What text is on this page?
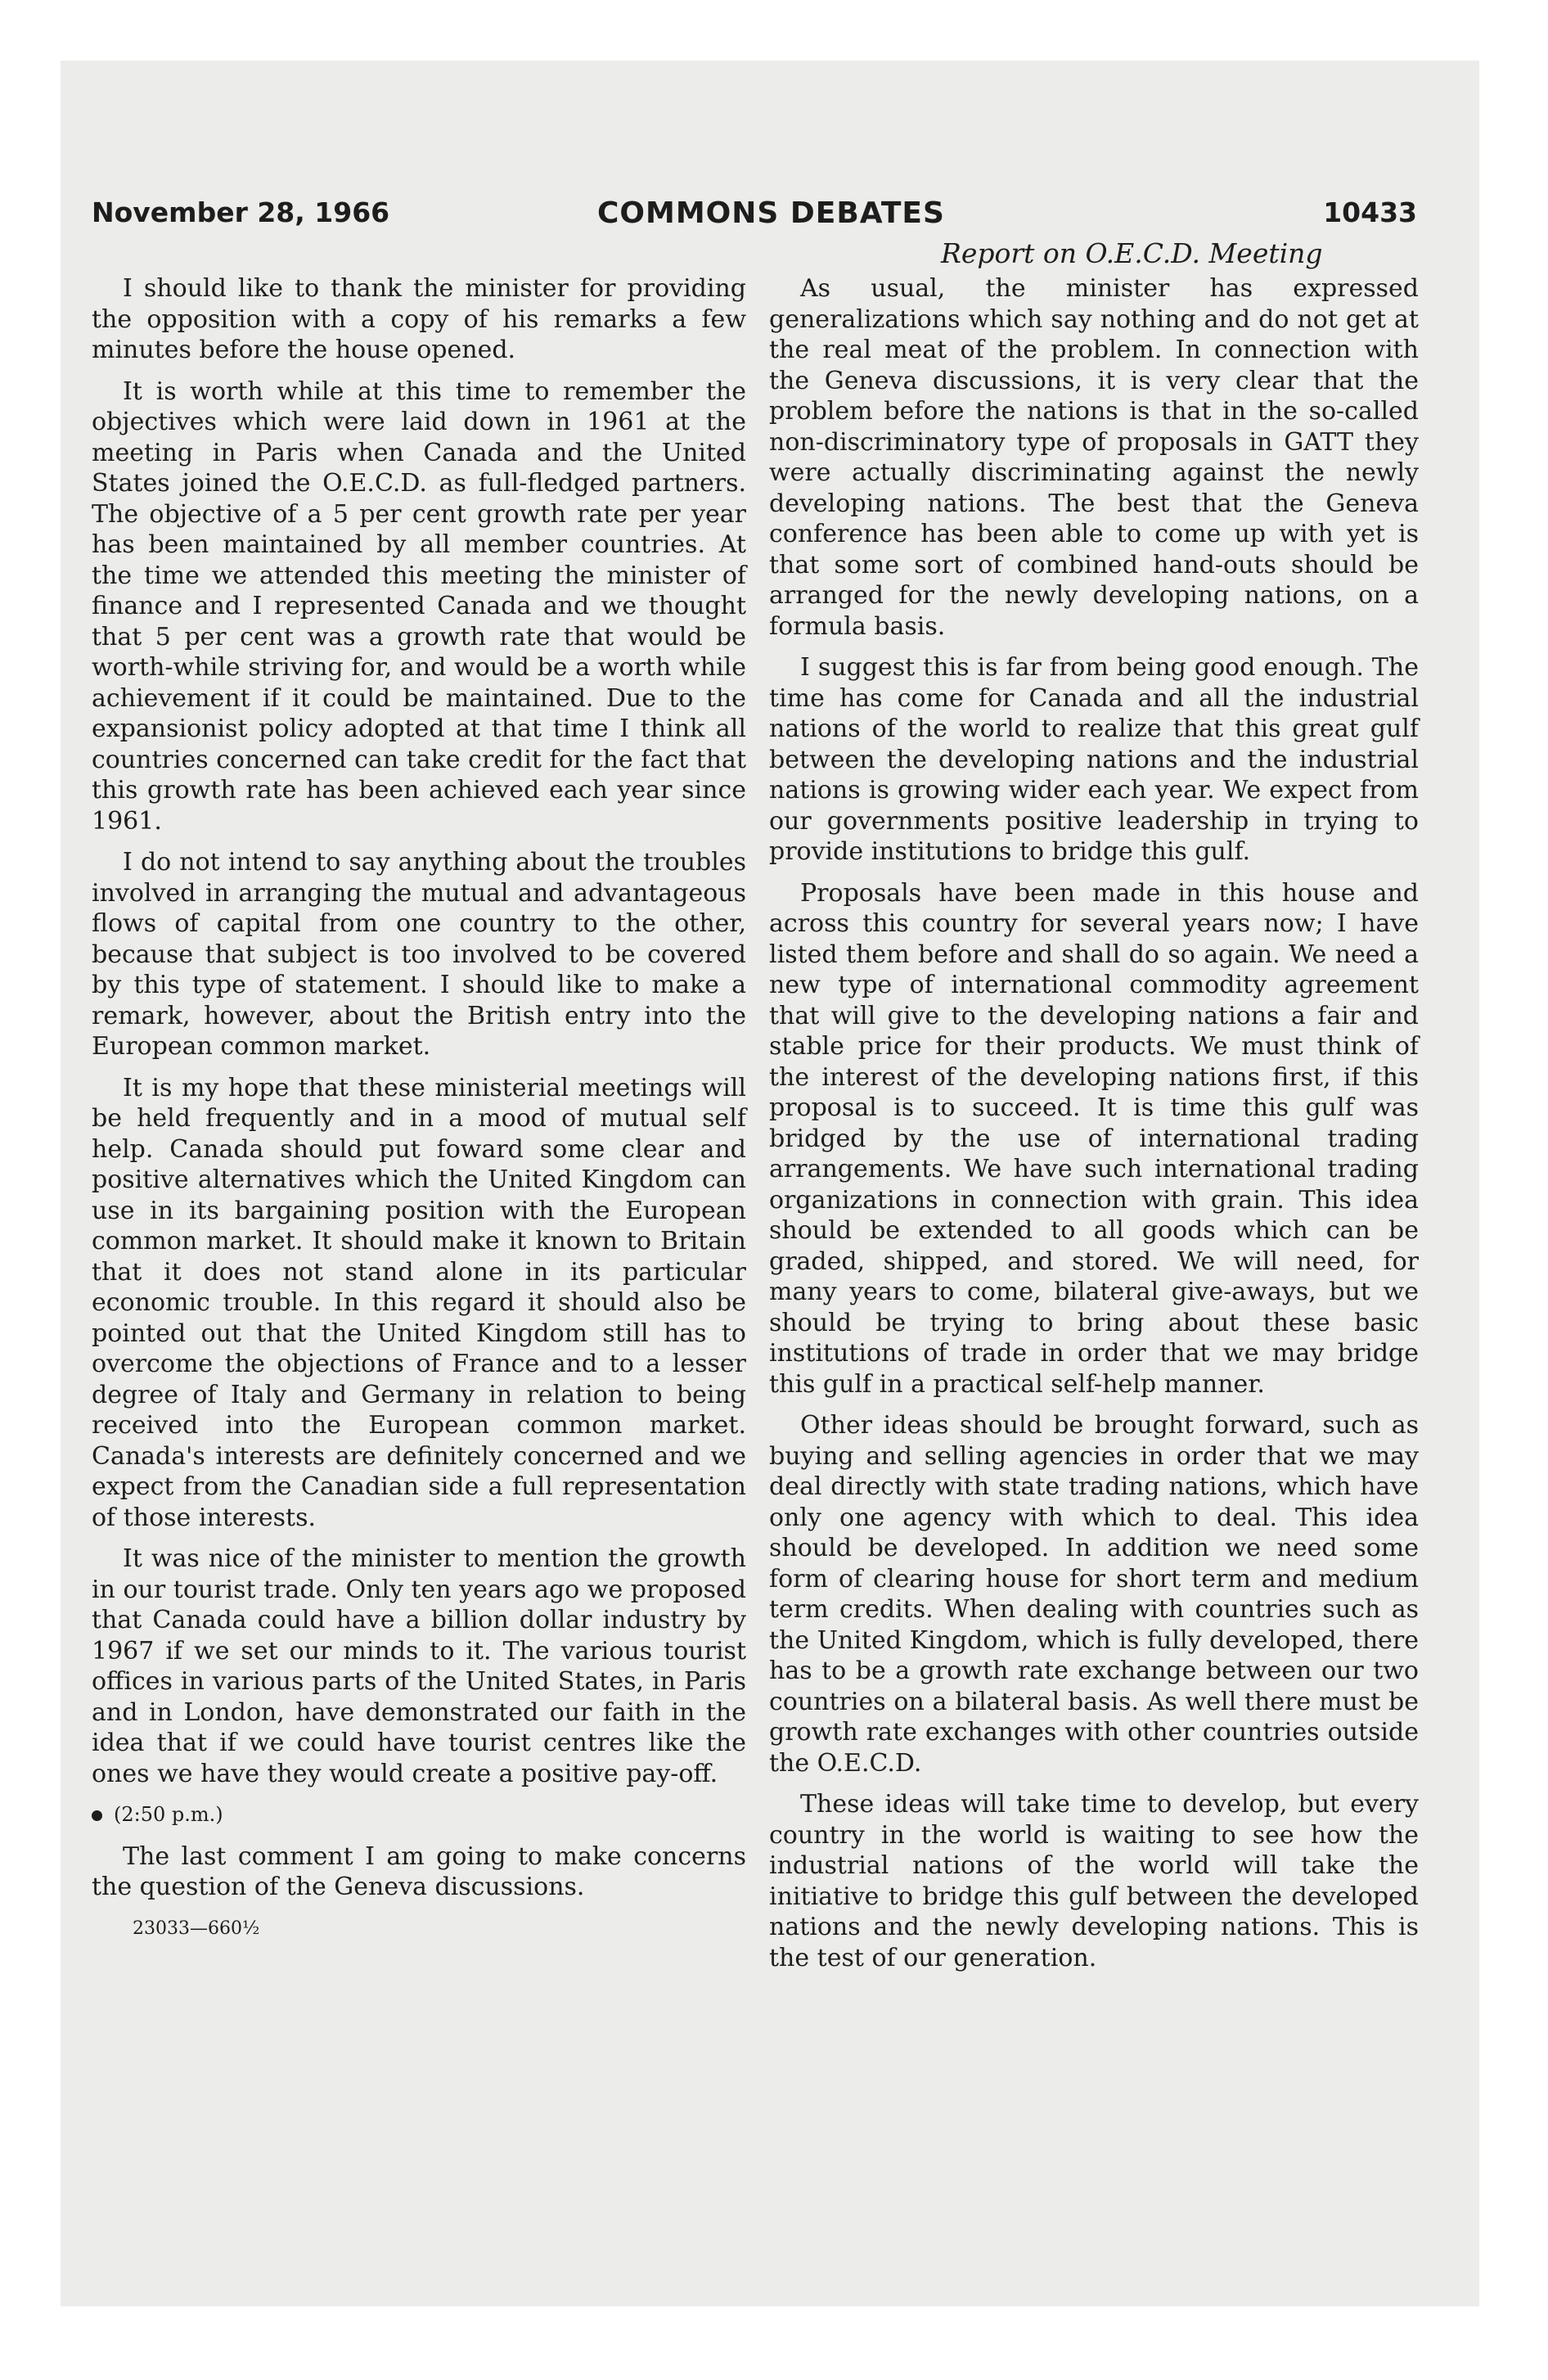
November 28, 1966	COMMONS DEBATES	10433
Report on O.E.C.D. Meeting

I should like to thank the minister for providing the opposition with a copy of his remarks a few minutes before the house opened.

It is worth while at this time to remember the objectives which were laid down in 1961 at the meeting in Paris when Canada and the United States joined the O.E.C.D. as full-fledged partners. The objective of a 5 per cent growth rate per year has been maintained by all member countries. At the time we attended this meeting the minister of finance and I represented Canada and we thought that 5 per cent was a growth rate that would be worth-while striving for, and would be a worth while achievement if it could be maintained. Due to the expansionist policy adopted at that time I think all countries concerned can take credit for the fact that this growth rate has been achieved each year since 1961.

I do not intend to say anything about the troubles involved in arranging the mutual and advantageous flows of capital from one country to the other, because that subject is too involved to be covered by this type of statement. I should like to make a remark, however, about the British entry into the European common market.

It is my hope that these ministerial meetings will be held frequently and in a mood of mutual self help. Canada should put foward some clear and positive alternatives which the United Kingdom can use in its bargaining position with the European common market. It should make it known to Britain that it does not stand alone in its particular economic trouble. In this regard it should also be pointed out that the United Kingdom still has to overcome the objections of France and to a lesser degree of Italy and Germany in relation to being received into the European common market. Canada's interests are definitely concerned and we expect from the Canadian side a full representation of those interests.

It was nice of the minister to mention the growth in our tourist trade. Only ten years ago we proposed that Canada could have a billion dollar industry by 1967 if we set our minds to it. The various tourist offices in various parts of the United States, in Paris and in London, have demonstrated our faith in the idea that if we could have tourist centres like the ones we have they would create a positive pay-off.

(2:50 p.m.)

The last comment I am going to make concerns the question of the Geneva discussions.

23033—660½

As usual, the minister has expressed generalizations which say nothing and do not get at the real meat of the problem. In connection with the Geneva discussions, it is very clear that the problem before the nations is that in the so-called non-discriminatory type of proposals in GATT they were actually discriminating against the newly developing nations. The best that the Geneva conference has been able to come up with yet is that some sort of combined hand-outs should be arranged for the newly developing nations, on a formula basis.

I suggest this is far from being good enough. The time has come for Canada and all the industrial nations of the world to realize that this great gulf between the developing nations and the industrial nations is growing wider each year. We expect from our governments positive leadership in trying to provide institutions to bridge this gulf.

Proposals have been made in this house and across this country for several years now; I have listed them before and shall do so again. We need a new type of international commodity agreement that will give to the developing nations a fair and stable price for their products. We must think of the interest of the developing nations first, if this proposal is to succeed. It is time this gulf was bridged by the use of international trading arrangements. We have such international trading organizations in connection with grain. This idea should be extended to all goods which can be graded, shipped, and stored. We will need, for many years to come, bilateral give-aways, but we should be trying to bring about these basic institutions of trade in order that we may bridge this gulf in a practical self-help manner.

Other ideas should be brought forward, such as buying and selling agencies in order that we may deal directly with state trading nations, which have only one agency with which to deal. This idea should be developed. In addition we need some form of clearing house for short term and medium term credits. When dealing with countries such as the United Kingdom, which is fully developed, there has to be a growth rate exchange between our two countries on a bilateral basis. As well there must be growth rate exchanges with other countries outside the O.E.C.D.

These ideas will take time to develop, but every country in the world is waiting to see how the industrial nations of the world will take the initiative to bridge this gulf between the developed nations and the newly developing nations. This is the test of our generation.
